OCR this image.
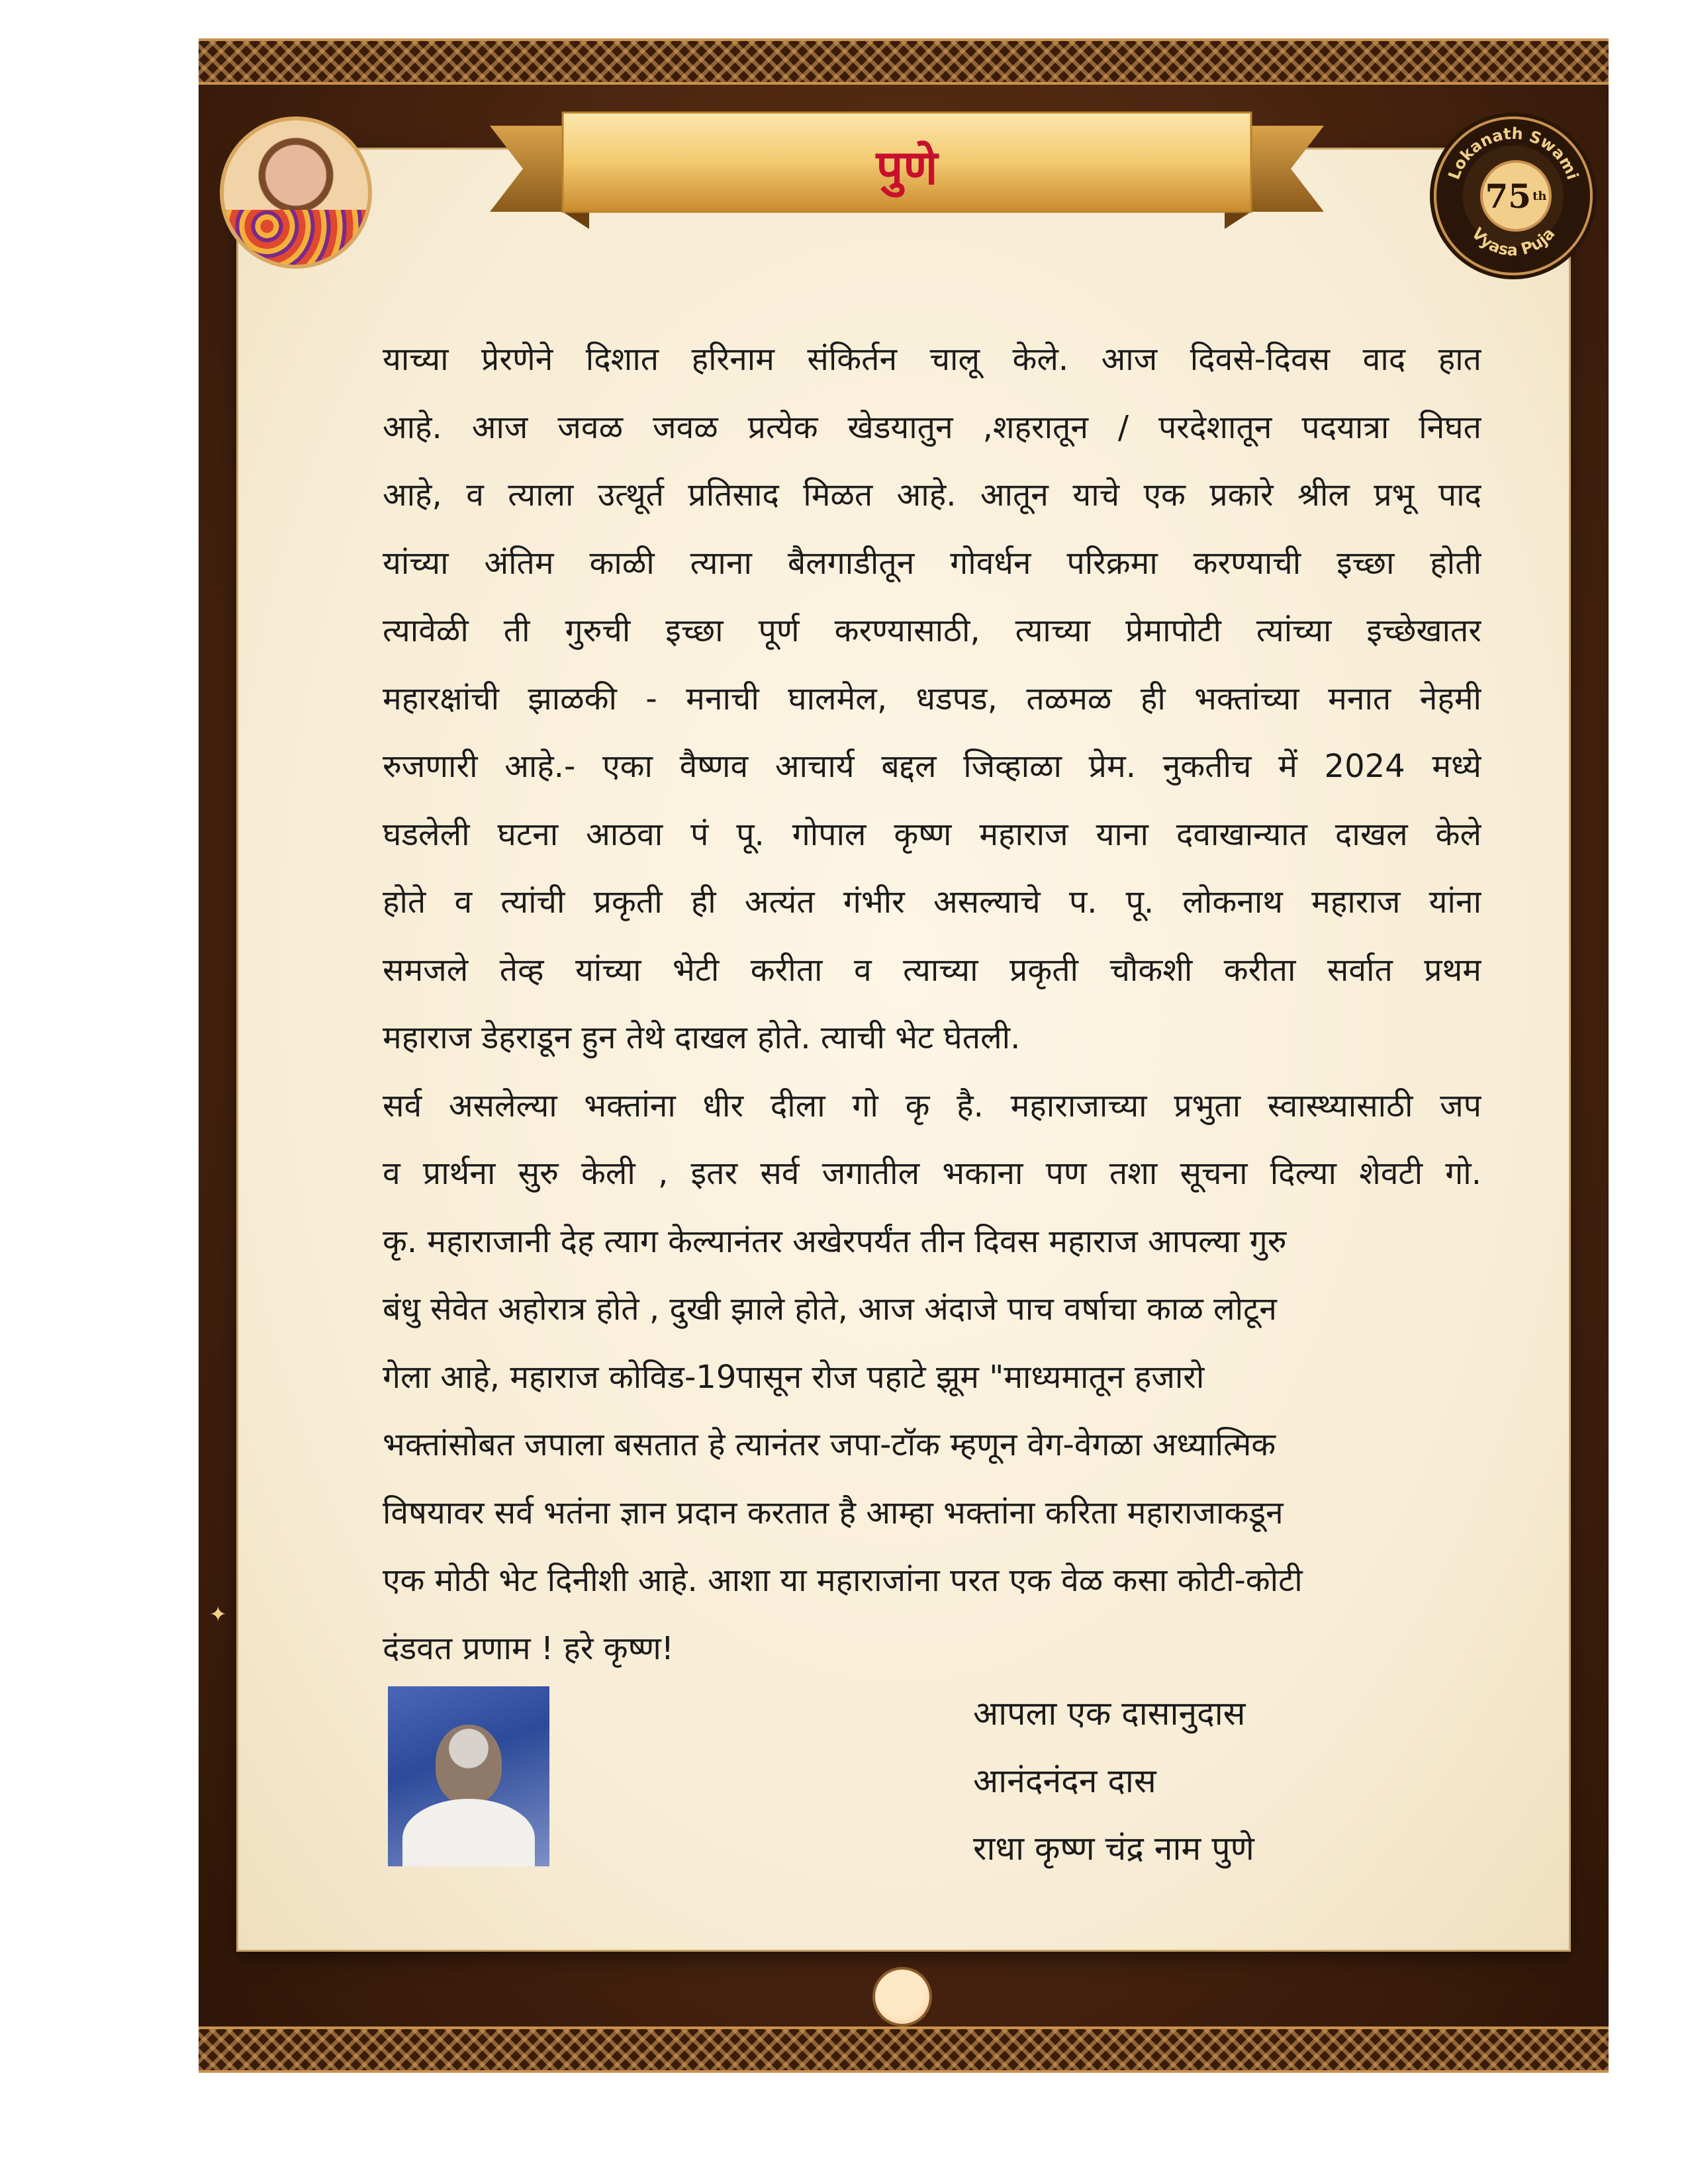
पुणे	Lokanath Swami
Vyasa Puja
75 th
✦
याच्या प्रेरणेने दिशात हरिनाम संकिर्तन चालू केले. आज दिवसे-दिवस वाद हात
आहे. आज जवळ जवळ प्रत्येक खेडयातुन ,शहरातून / परदेशातून पदयात्रा निघत
आहे, व त्याला उत्थूर्त प्रतिसाद मिळत आहे. आतून याचे एक प्रकारे श्रील प्रभू पाद
यांच्या अंतिम काळी त्याना बैलगाडीतून गोवर्धन परिक्रमा करण्याची इच्छा होती
त्यावेळी ती गुरुची इच्छा पूर्ण करण्यासाठी, त्याच्या प्रेमापोटी त्यांच्या इच्छेखातर
महारक्षांची झाळकी - मनाची घालमेल, धडपड, तळमळ ही भक्तांच्या मनात नेहमी
रुजणारी आहे.- एका वैष्णव आचार्य बद्दल जिव्हाळा प्रेम. नुकतीच में 2024 मध्ये
घडलेली घटना आठवा पं पू. गोपाल कृष्ण महाराज याना दवाखान्यात दाखल केले
होते व त्यांची प्रकृती ही अत्यंत गंभीर असल्याचे प. पू. लोकनाथ महाराज यांना
समजले तेव्ह यांच्या भेटी करीता व त्याच्या प्रकृती चौकशी करीता सर्वात प्रथम
महाराज डेहराडून हुन तेथे दाखल होते. त्याची भेट घेतली.
सर्व असलेल्या भक्तांना धीर दीला गो कृ है. महाराजाच्या प्रभुता स्वास्थ्यासाठी जप
व प्रार्थना सुरु केली , इतर सर्व जगातील भकाना पण तशा सूचना दिल्या शेवटी गो.
कृ. महाराजानी देह त्याग केल्यानंतर अखेरपर्यंत तीन दिवस महाराज आपल्या गुरु
बंधु सेवेत अहोरात्र होते , दुखी झाले होते, आज अंदाजे पाच वर्षाचा काळ लोटून
गेला आहे, महाराज कोविड-19पासून रोज पहाटे झूम "माध्यमातून हजारो
भक्तांसोबत जपाला बसतात हे त्यानंतर जपा-टॉक म्हणून वेग-वेगळा अध्यात्मिक
विषयावर सर्व भतंना ज्ञान प्रदान करतात है आम्हा भक्तांना करिता महाराजाकडून
एक मोठी भेट दिनीशी आहे. आशा या महाराजांना परत एक वेळ कसा कोटी-कोटी
दंडवत प्रणाम ! हरे कृष्ण!
आपला एक दासानुदास
आनंदनंदन दास
राधा कृष्ण चंद्र नाम पुणे
